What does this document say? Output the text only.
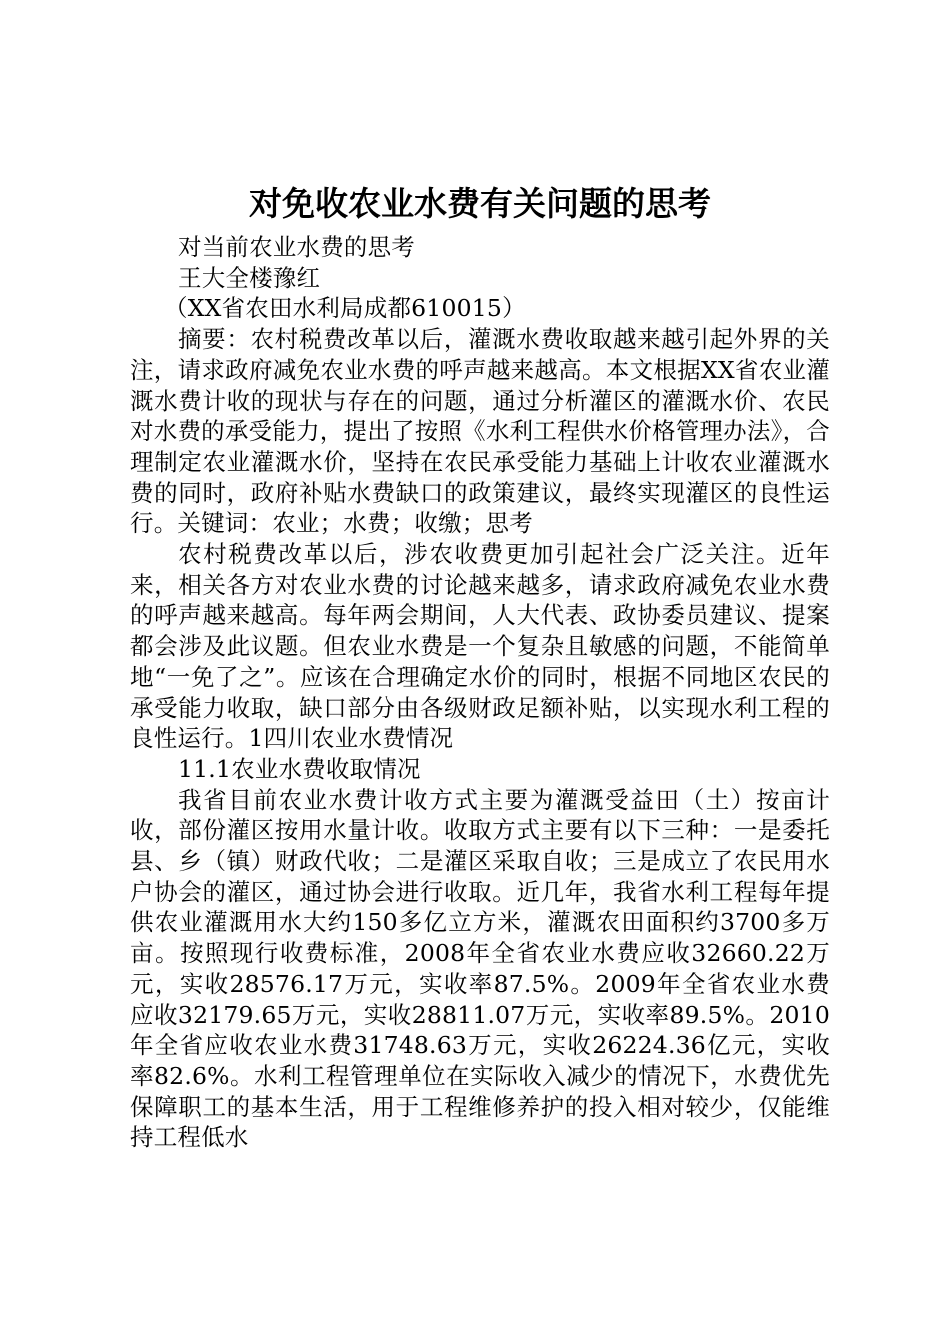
对免收农业水费有关问题的思考

对当前农业水费的思考

王大全楼豫红

（XX省农田水利局成都610015）

摘要：农村税费改革以后，灌溉水费收取越来越引起外界的关注，请求政府减免农业水费的呼声越来越高。本文根据XX省农业灌溉水费计收的现状与存在的问题，通过分析灌区的灌溉水价、农民对水费的承受能力，提出了按照《水利工程供水价格管理办法》，合理制定农业灌溉水价，坚持在农民承受能力基础上计收农业灌溉水费的同时，政府补贴水费缺口的政策建议，最终实现灌区的良性运行。关键词：农业；水费；收缴；思考

农村税费改革以后，涉农收费更加引起社会广泛关注。近年来，相关各方对农业水费的讨论越来越多，请求政府减免农业水费的呼声越来越高。每年两会期间，人大代表、政协委员建议、提案都会涉及此议题。但农业水费是一个复杂且敏感的问题，不能简单地“一免了之”。应该在合理确定水价的同时，根据不同地区农民的承受能力收取，缺口部分由各级财政足额补贴，以实现水利工程的良性运行。1四川农业水费情况

11.1农业水费收取情况

我省目前农业水费计收方式主要为灌溉受益田（土）按亩计收，部份灌区按用水量计收。收取方式主要有以下三种：一是委托县、乡（镇）财政代收；二是灌区采取自收；三是成立了农民用水户协会的灌区，通过协会进行收取。近几年，我省水利工程每年提供农业灌溉用水大约150多亿立方米，灌溉农田面积约3700多万亩。按照现行收费标准，2008年全省农业水费应收32660.22万元，实收28576.17万元，实收率87.5%。2009年全省农业水费应收32179.65万元，实收28811.07万元，实收率89.5%。2010年全省应收农业水费31748.63万元，实收26224.36亿元，实收率82.6%。水利工程管理单位在实际收入减少的情况下，水费优先保障职工的基本生活，用于工程维修养护的投入相对较少，仅能维持工程低水
